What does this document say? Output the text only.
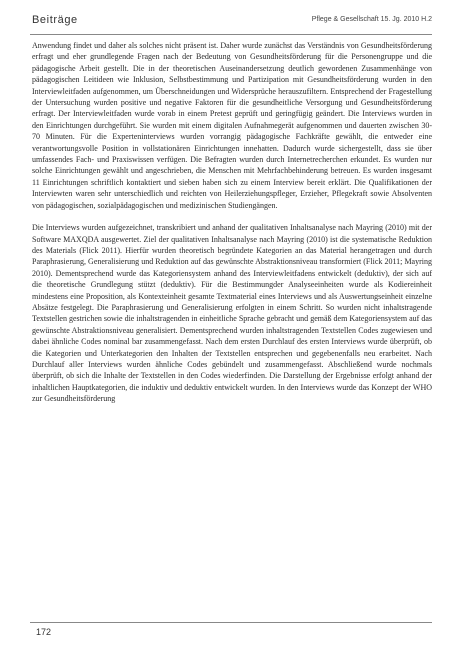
Beiträge	Pflege & Gesellschaft 15. Jg. 2010 H.2

Anwendung findet und daher als solches nicht präsent ist. Daher wurde zunächst das Verständnis von Gesundheitsförderung erfragt und eher grundlegende Fragen nach der Bedeutung von Gesundheitsförderung für die Personengruppe und die pädagogische Arbeit gestellt. Die in der theoretischen Auseinandersetzung deutlich gewordenen Zusammenhänge von pädagogischen Leitideen wie Inklusion, Selbstbestimmung und Partizipation mit Gesundheitsförderung wurden in den Interviewleitfaden aufgenommen, um Überschneidungen und Widersprüche herauszufiltern. Entsprechend der Fragestellung der Untersuchung wurden positive und negative Faktoren für die gesundheitliche Versorgung und Gesundheitsförderung erfragt. Der Interviewleitfaden wurde vorab in einem Pretest geprüft und geringfügig geändert. Die Interviews wurden in den Einrichtungen durchgeführt. Sie wurden mit einem digitalen Aufnahmegerät aufgenommen und dauerten zwischen 30-70 Minuten. Für die Experteninterviews wurden vorrangig pädagogische Fachkräfte gewählt, die entweder eine verantwortungsvolle Position in vollstationären Einrichtungen innehatten. Dadurch wurde sichergestellt, dass sie über umfassendes Fach- und Praxiswissen verfügen. Die Befragten wurden durch Internetrecherchen erkundet. Es wurden nur solche Einrichtungen gewählt und angeschrieben, die Menschen mit Mehrfachbehinderung betreuen. Es wurden insgesamt 11 Einrichtungen schriftlich kontaktiert und sieben haben sich zu einem Interview bereit erklärt. Die Qualifikationen der Interviewten waren sehr unterschiedlich und reichten von Heilerziehungspfleger, Erzieher, Pflegekraft sowie Absolventen von pädagogischen, sozialpädagogischen und medizinischen Studiengängen.

Die Interviews wurden aufgezeichnet, transkribiert und anhand der qualitativen Inhaltsanalyse nach Mayring (2010) mit der Software MAXQDA ausgewertet. Ziel der qualitativen Inhaltsanalyse nach Mayring (2010) ist die systematische Reduktion des Materials (Flick 2011). Hierfür wurden theoretisch begründete Kategorien an das Material herangetragen und durch Paraphrasierung, Generalisierung und Reduktion auf das gewünschte Abstraktionsniveau transformiert (Flick 2011; Mayring 2010). Dementsprechend wurde das Kategoriensystem anhand des Interviewleitfadens entwickelt (deduktiv), der sich auf die theoretische Grundlegung stützt (deduktiv). Für die Bestimmungder Analyseeinheiten wurde als Kodiereinheit mindestens eine Proposition, als Kontexteinheit gesamte Textmaterial eines Interviews und als Auswertungseinheit einzelne Absätze festgelegt. Die Paraphrasierung und Generalisierung erfolgten in einem Schritt. So wurden nicht inhaltstragende Textstellen gestrichen sowie die inhaltstragenden in einheitliche Sprache gebracht und gemäß dem Kategoriensystem auf das gewünschte Abstraktionsniveau generalisiert. Dementsprechend wurden inhaltstragenden Textstellen Codes zugewiesen und dabei ähnliche Codes nominal bar zusammengefasst. Nach dem ersten Durchlauf des ersten Interviews wurde überprüft, ob die Kategorien und Unterkategorien den Inhalten der Textstellen entsprechen und gegebenenfalls neu erarbeitet. Nach Durchlauf aller Interviews wurden ähnliche Codes gebündelt und zusammengefasst. Abschließend wurde nochmals überprüft, ob sich die Inhalte der Textstellen in den Codes wiederfinden. Die Darstellung der Ergebnisse erfolgt anhand der inhaltlichen Hauptkategorien, die induktiv und deduktiv entwickelt wurden. In den Interviews wurde das Konzept der WHO zur Gesundheitsförderung

172
